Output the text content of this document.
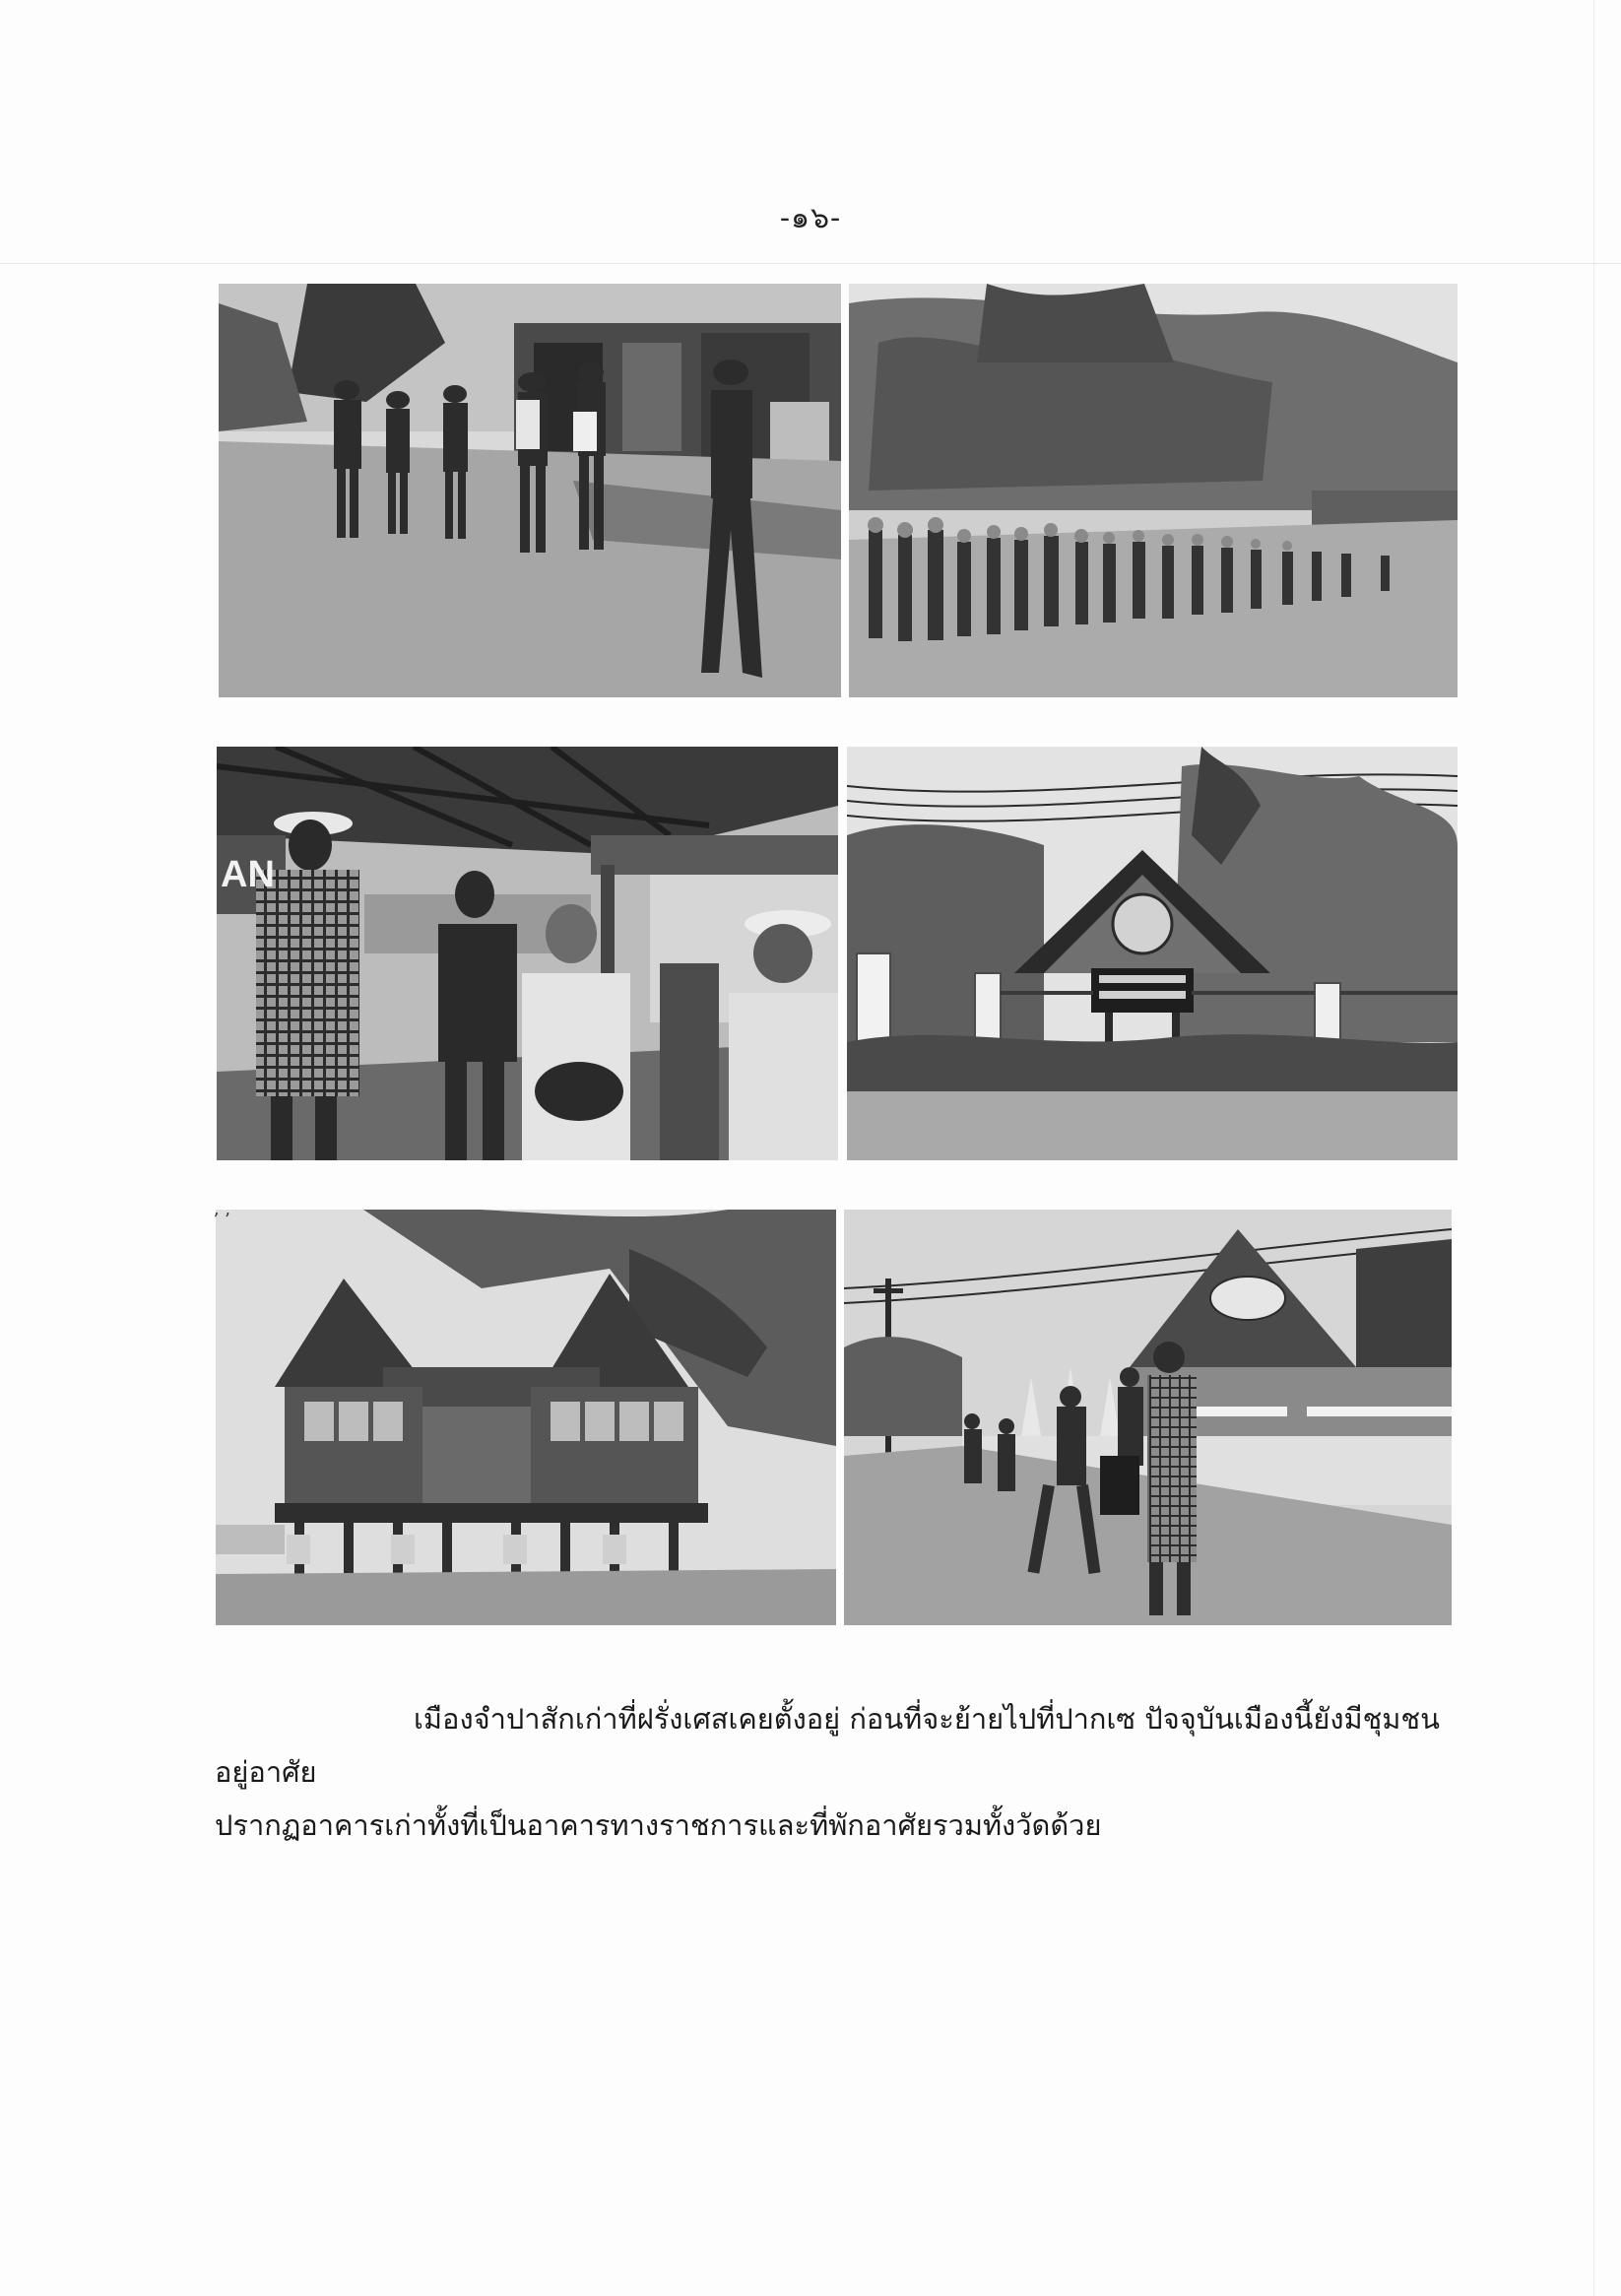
-๑๖-
AN
ʼ ʼ

เมืองจำปาสักเก่าที่ฝรั่งเศสเคยตั้งอยู่ ก่อนที่จะย้ายไปที่ปากเซ ปัจจุบันเมืองนี้ยังมีชุมชนอยู่อาศัย

ปรากฏอาคารเก่าทั้งที่เป็นอาคารทางราชการและที่พักอาศัยรวมทั้งวัดด้วย
